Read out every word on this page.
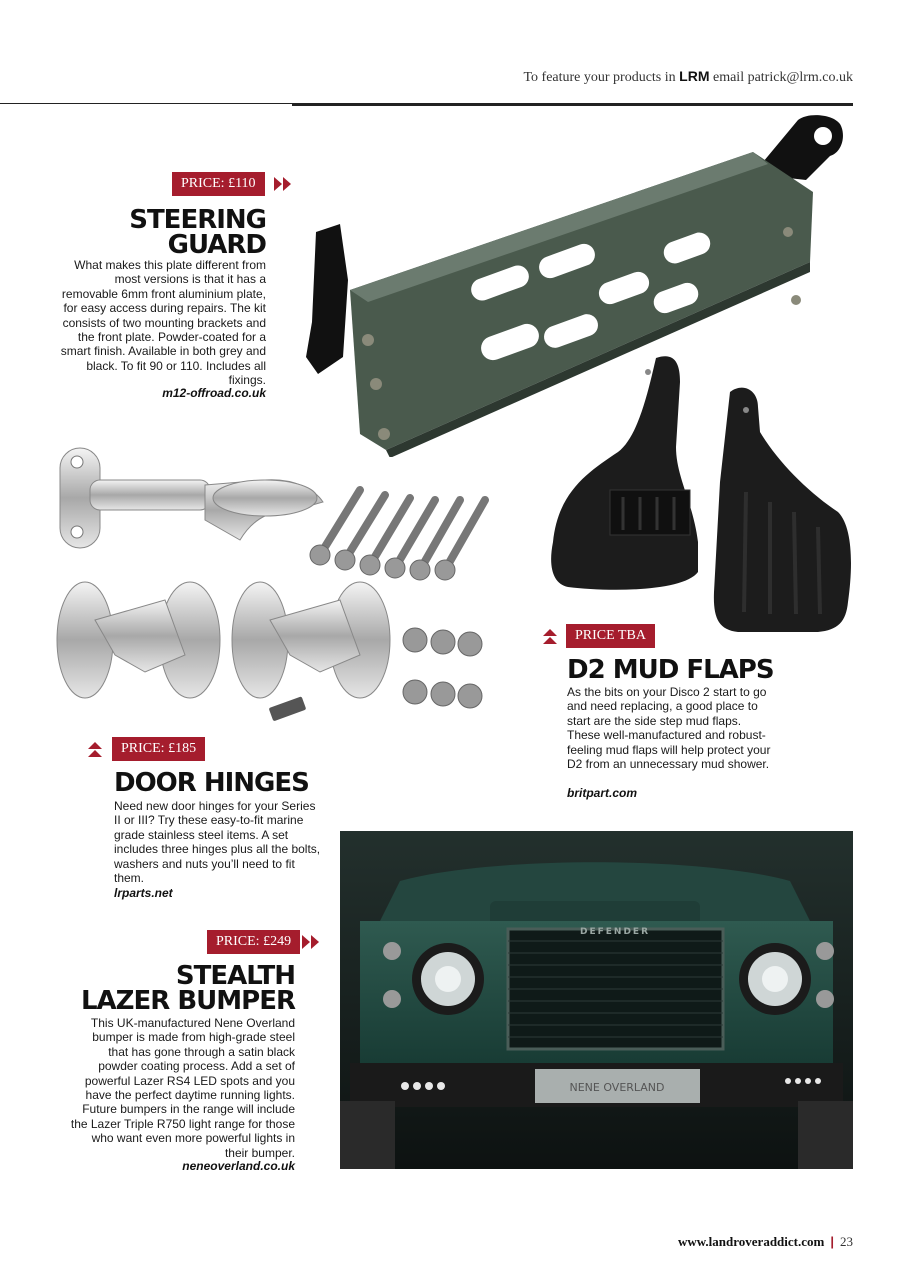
To feature your products in LRM email patrick@lrm.co.uk
PRICE: £110
STEERING
GUARD
What makes this plate different from most versions is that it has a removable 6mm front aluminium plate, for easy access during repairs. The kit consists of two mounting brackets and the front plate. Powder-coated for a smart finish. Available in both grey and black. To fit 90 or 110. Includes all fixings.
m12-offroad.co.uk
PRICE: £185
DOOR HINGES
Need new door hinges for your Series II or III? Try these easy-to-fit marine grade stainless steel items. A set includes three hinges plus all the bolts, washers and nuts you’ll need to fit them.
lrparts.net
PRICE TBA
D2 MUD FLAPS
As the bits on your Disco 2 start to go and need replacing, a good place to start are the side step mud flaps. These well-manufactured and robust-feeling mud flaps will help protect your D2 from an unnecessary mud shower.
britpart.com
PRICE: £249
STEALTH
LAZER BUMPER
This UK-manufactured Nene Overland bumper is made from high-grade steel that has gone through a satin black powder coating process. Add a set of powerful Lazer RS4 LED spots and you have the perfect daytime running lights. Future bumpers in the range will include the Lazer Triple R750 light range for those who want even more powerful lights in their bumper.
neneoverland.co.uk
DEFENDER
NENE OVERLAND
www.landroveraddict.com | 23
